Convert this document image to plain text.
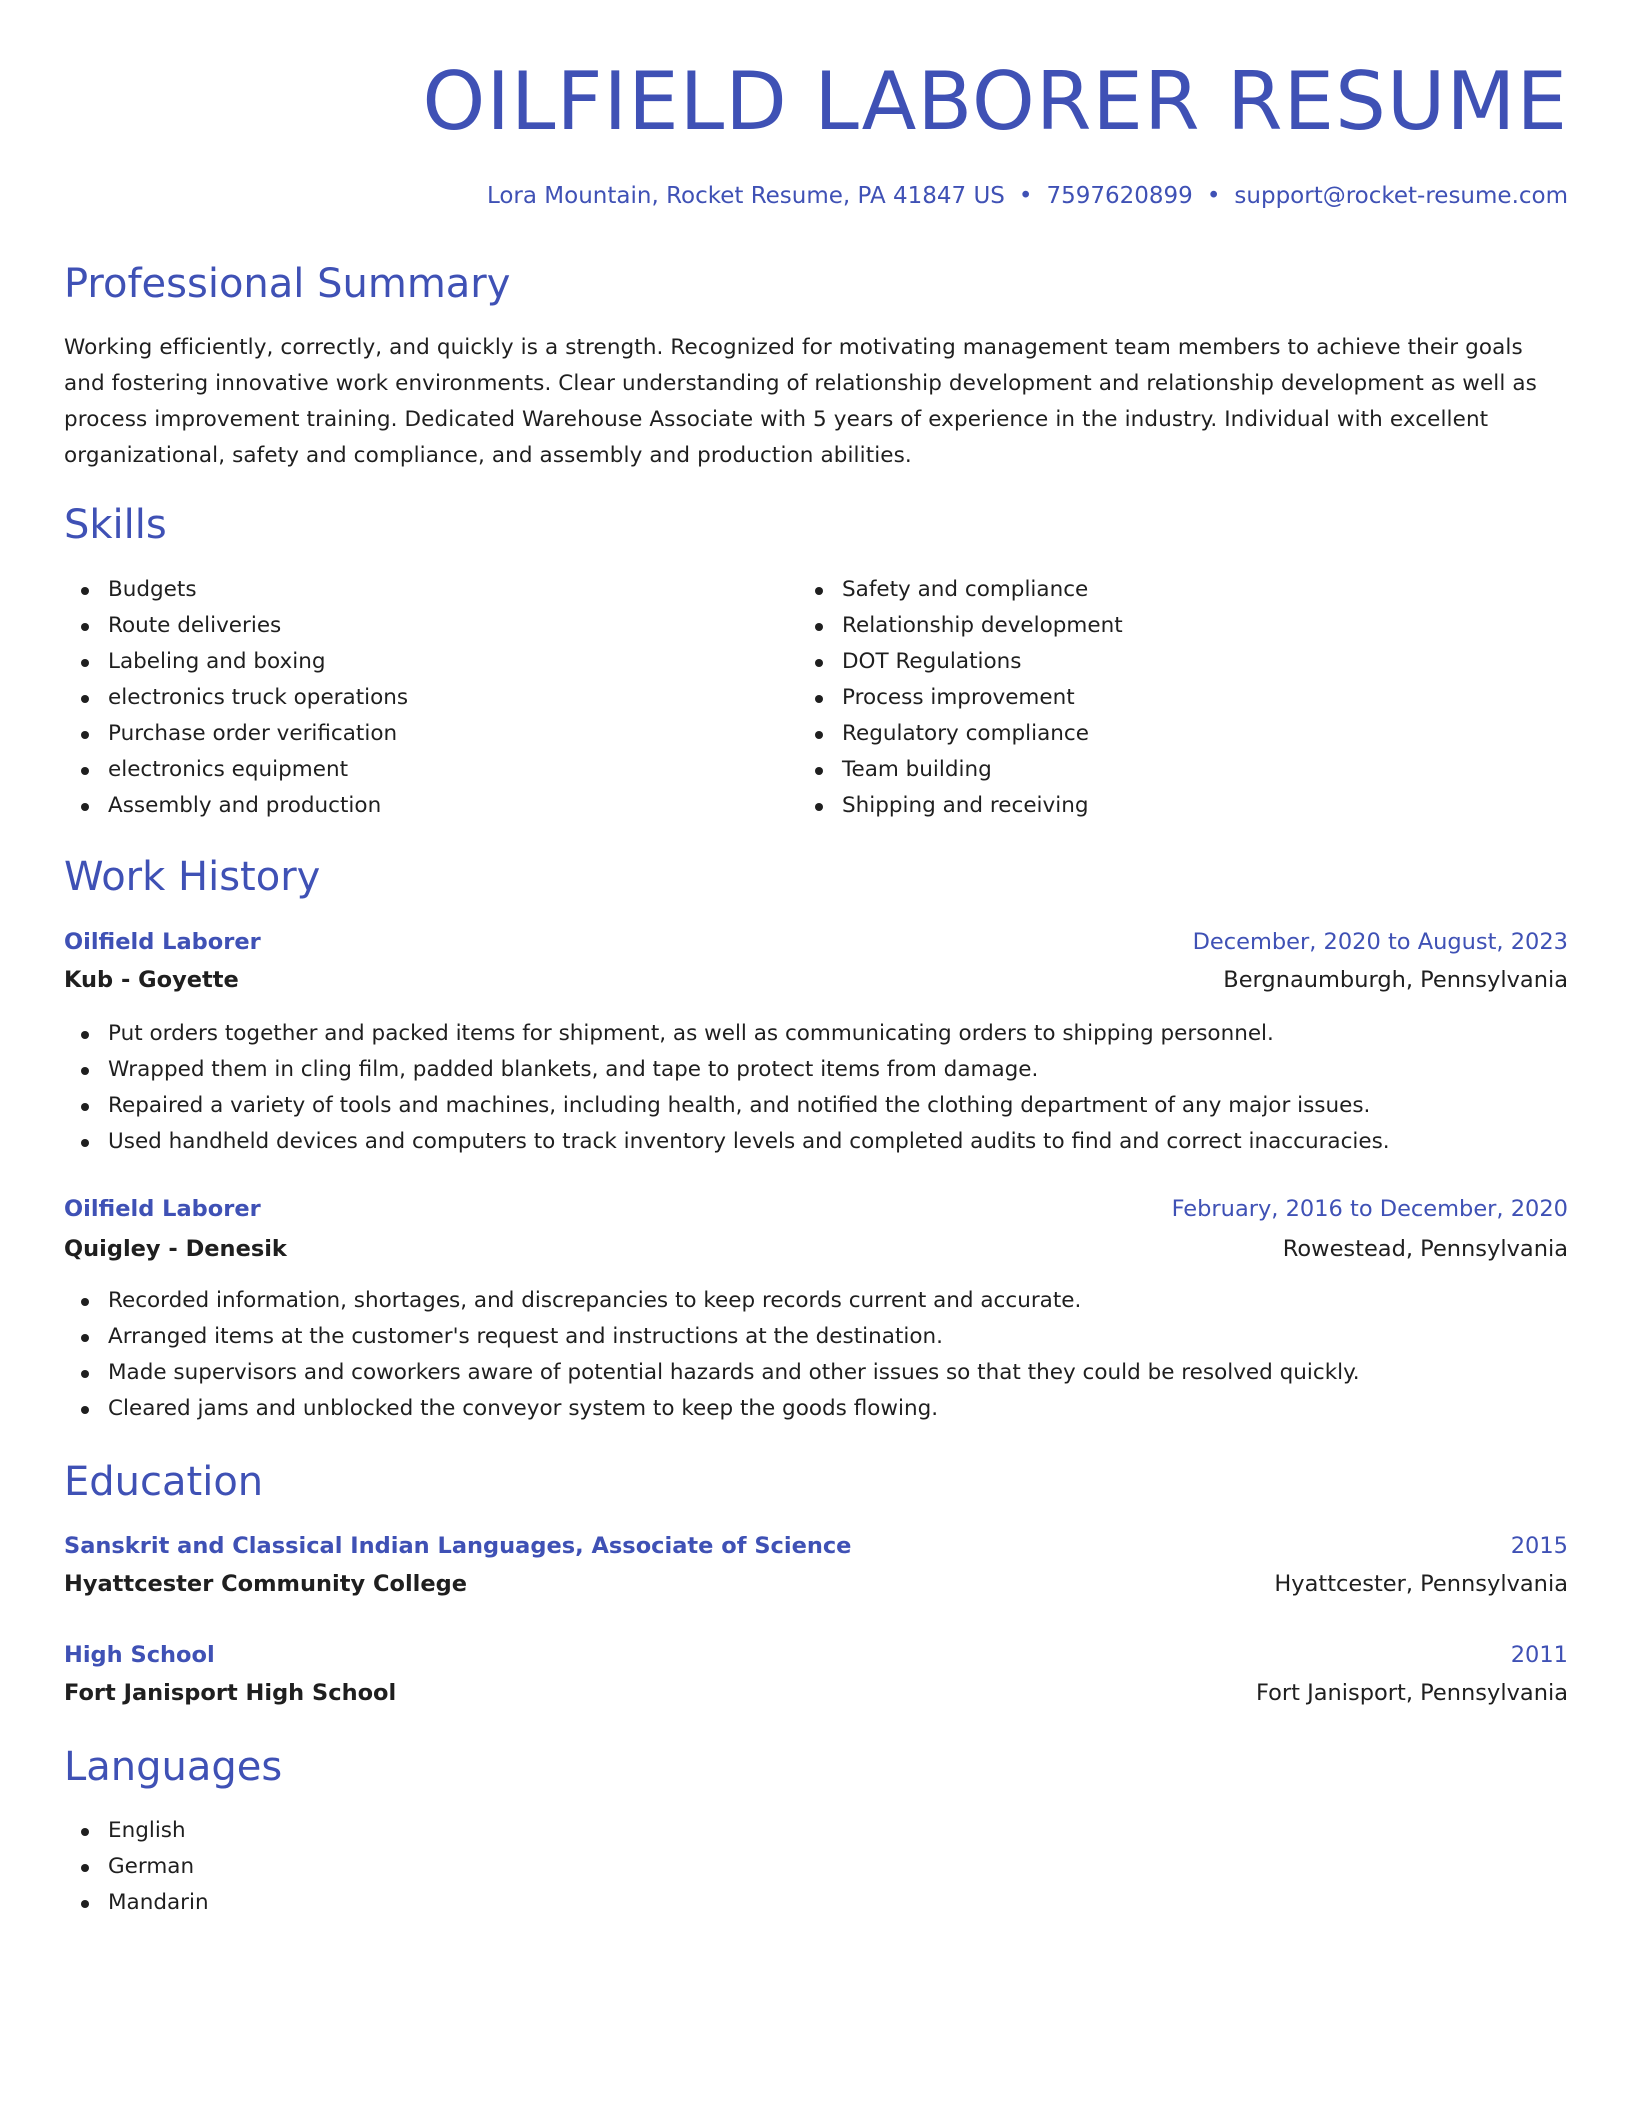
OILFIELD LABORER RESUME
Lora Mountain, Rocket Resume, PA 41847 US • 7597620899 • support@rocket-resume.com
Professional Summary
Working efficiently, correctly, and quickly is a strength. Recognized for motivating management team members to achieve their goals and fostering innovative work environments. Clear understanding of relationship development and relationship development as well as process improvement training. Dedicated Warehouse Associate with 5 years of experience in the industry. Individual with excellent organizational, safety and compliance, and assembly and production abilities.
Skills
Budgets
Route deliveries
Labeling and boxing
electronics truck operations
Purchase order verification
electronics equipment
Assembly and production
Safety and compliance
Relationship development
DOT Regulations
Process improvement
Regulatory compliance
Team building
Shipping and receiving
Work History
Oilfield Laborer	December, 2020 to August, 2023
Kub - Goyette	Bergnaumburgh, Pennsylvania
Put orders together and packed items for shipment, as well as communicating orders to shipping personnel.
Wrapped them in cling film, padded blankets, and tape to protect items from damage.
Repaired a variety of tools and machines, including health, and notified the clothing department of any major issues.
Used handheld devices and computers to track inventory levels and completed audits to find and correct inaccuracies.
Oilfield Laborer	February, 2016 to December, 2020
Quigley - Denesik	Rowestead, Pennsylvania
Recorded information, shortages, and discrepancies to keep records current and accurate.
Arranged items at the customer's request and instructions at the destination.
Made supervisors and coworkers aware of potential hazards and other issues so that they could be resolved quickly.
Cleared jams and unblocked the conveyor system to keep the goods flowing.
Education
Sanskrit and Classical Indian Languages, Associate of Science	2015
Hyattcester Community College	Hyattcester, Pennsylvania
High School	2011
Fort Janisport High School	Fort Janisport, Pennsylvania
Languages
English
German
Mandarin
